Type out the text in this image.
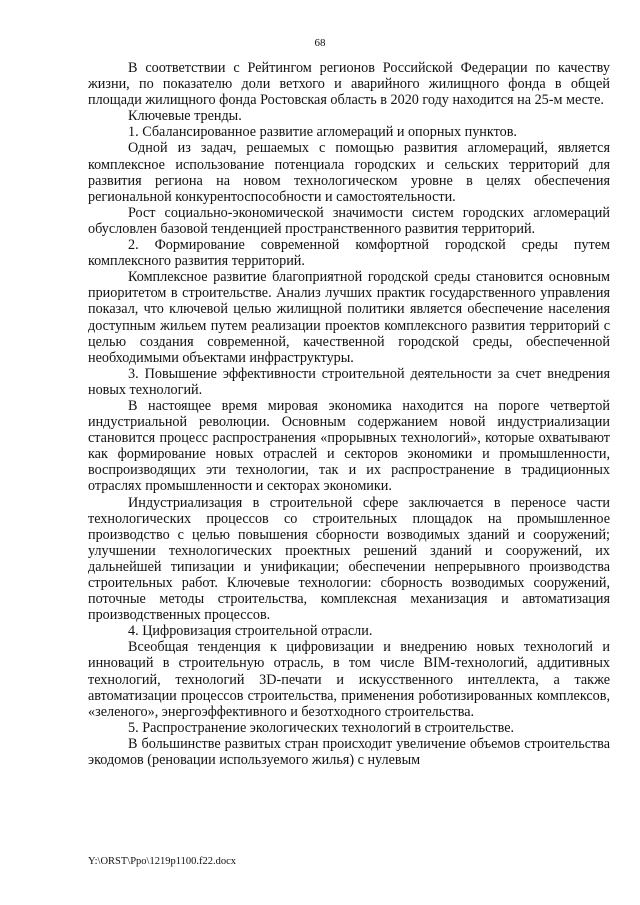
68

В соответствии с Рейтингом регионов Российской Федерации по качеству жизни, по показателю доли ветхого и аварийного жилищного фонда в общей площади жилищного фонда Ростовская область в 2020 году находится на 25-м месте.

Ключевые тренды.

1. Сбалансированное развитие агломераций и опорных пунктов.

Одной из задач, решаемых с помощью развития агломераций, является комплексное использование потенциала городских и сельских территорий для развития региона на новом технологическом уровне в целях обеспечения региональной конкурентоспособности и самостоятельности.

Рост социально-экономической значимости систем городских агломераций обусловлен базовой тенденцией пространственного развития территорий.

2. Формирование современной комфортной городской среды путем комплексного развития территорий.

Комплексное развитие благоприятной городской среды становится основным приоритетом в строительстве. Анализ лучших практик государственного управления показал, что ключевой целью жилищной политики является обеспечение населения доступным жильем путем реализации проектов комплексного развития территорий с целью создания современной, качественной городской среды, обеспеченной необходимыми объектами инфраструктуры.

3. Повышение эффективности строительной деятельности за счет внедрения новых технологий.

В настоящее время мировая экономика находится на пороге четвертой индустриальной революции. Основным содержанием новой индустриализации становится процесс распространения «прорывных технологий», которые охватывают как формирование новых отраслей и секторов экономики и промышленности, воспроизводящих эти технологии, так и их распространение в традиционных отраслях промышленности и секторах экономики.

Индустриализация в строительной сфере заключается в переносе части технологических процессов со строительных площадок на промышленное производство с целью повышения сборности возводимых зданий и сооружений; улучшении технологических проектных решений зданий и сооружений, их дальнейшей типизации и унификации; обеспечении непрерывного производства строительных работ. Ключевые технологии: сборность возводимых сооружений, поточные методы строительства, комплексная механизация и автоматизация производственных процессов.

4. Цифровизация строительной отрасли.

Всеобщая тенденция к цифровизации и внедрению новых технологий и инноваций в строительную отрасль, в том числе BIM-технологий, аддитивных технологий, технологий 3D-печати и искусственного интеллекта, а также автоматизации процессов строительства, применения роботизированных комплексов, «зеленого», энергоэффективного и безотходного строительства.

5. Распространение экологических технологий в строительстве.

В большинстве развитых стран происходит увеличение объемов строительства экодомов (реновации используемого жилья) с нулевым

Y:\ORST\Ppo\1219p1100.f22.docx
